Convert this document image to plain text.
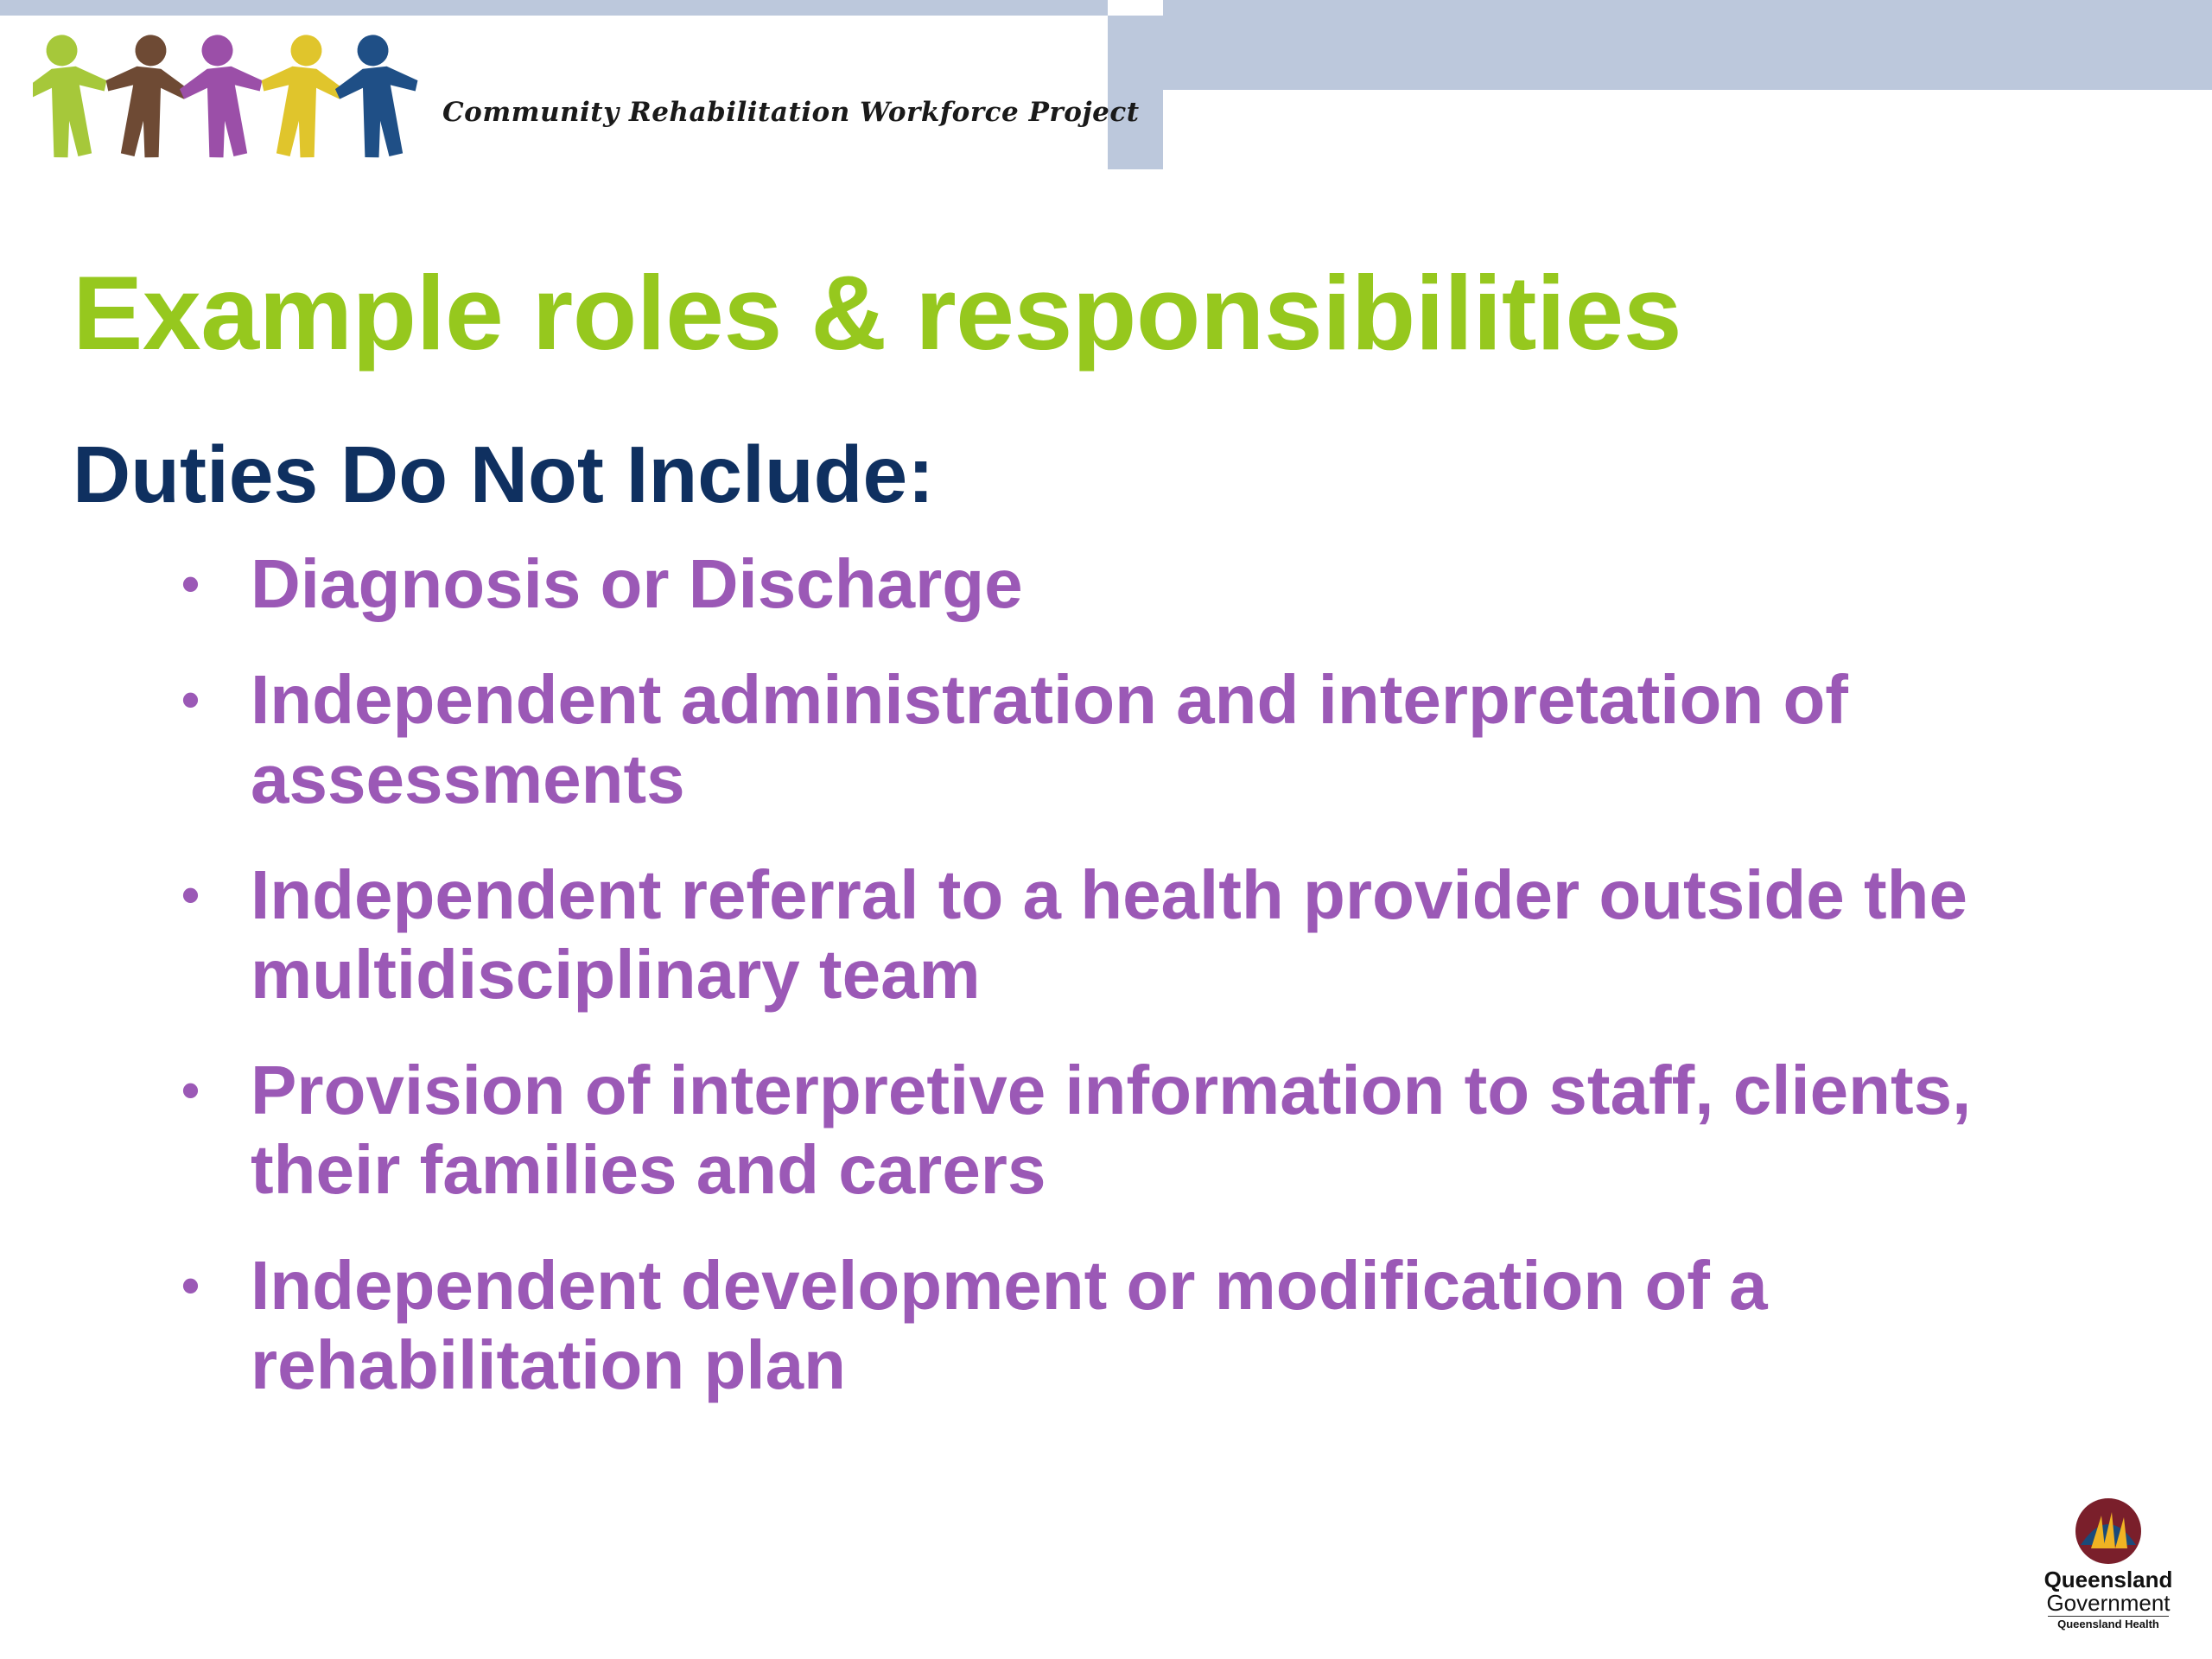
Community Rehabilitation Workforce Project
Example roles & responsibilities
Duties Do Not Include:
• Diagnosis or Discharge
• Independent administration and interpretation of assessments
• Independent referral to a health provider outside the multidisciplinary team
• Provision of interpretive information to staff, clients, their families and carers
• Independent development or modification of a rehabilitation plan
Queensland
Government
Queensland Health
